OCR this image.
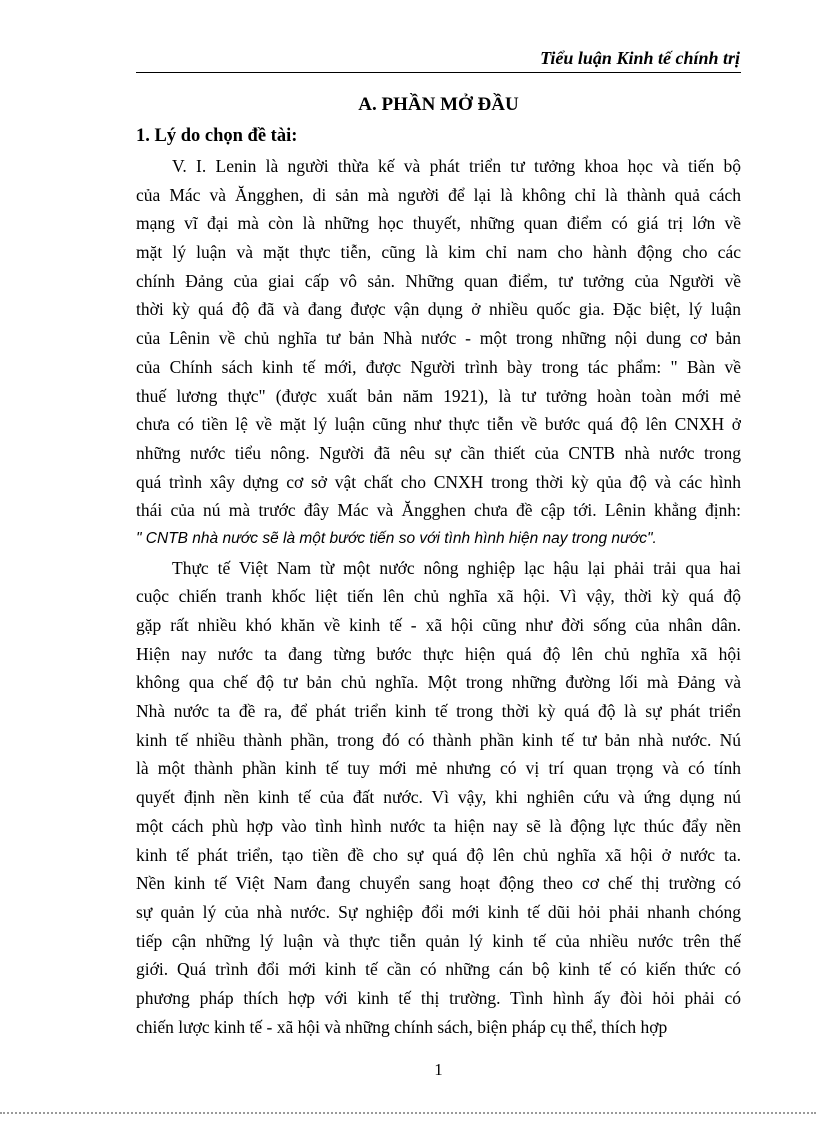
Tiểu luận Kinh tế chính trị
A. PHẦN MỞ ĐẦU
1. Lý do chọn đề tài:
V. I. Lenin là người thừa kế và phát triển tư tưởng khoa học và tiến bộ
của Mác và Ăngghen, di sản mà người để lại là không chỉ là thành quả cách
mạng vĩ đại mà còn là những học thuyết, những quan điểm có giá trị lớn về
mặt lý luận và mặt thực tiễn, cũng là kim chỉ nam cho hành động cho các
chính Đảng của giai cấp vô sản. Những quan điểm, tư tưởng của Người về
thời kỳ quá độ đã và đang được vận dụng ở nhiều quốc gia. Đặc biệt, lý luận
của Lênin về chủ nghĩa tư bản Nhà nước - một trong những nội dung cơ bản
của Chính sách kinh tế mới, được Người trình bày trong tác phẩm: " Bàn về
thuế lương thực" (được xuất bản năm 1921), là tư tưởng hoàn toàn mới mẻ
chưa có tiền lệ về mặt lý luận cũng như thực tiễn về bước quá độ lên CNXH ở
những nước tiểu nông. Người đã nêu sự cần thiết của CNTB nhà nước trong
quá trình xây dựng cơ sở vật chất cho CNXH trong thời kỳ qủa độ và các hình
thái của nú mà trước đây Mác và Ăngghen chưa đề cập tới. Lênin khẳng định:
" CNTB nhà nước sẽ là một bước tiến so với tình hình hiện nay trong nước".
Thực tế Việt Nam từ một nước nông nghiệp lạc hậu lại phải trải qua hai
cuộc chiến tranh khốc liệt tiến lên chủ nghĩa xã hội. Vì vậy, thời kỳ quá độ
gặp rất nhiều khó khăn về kinh tế - xã hội cũng như đời sống của nhân dân.
Hiện nay nước ta đang từng bước thực hiện quá độ lên chủ nghĩa xã hội
không qua chế độ tư bản chủ nghĩa. Một trong những đường lối mà Đảng và
Nhà nước ta đề ra, để phát triển kinh tế trong thời kỳ quá độ là sự phát triển
kinh tế nhiều thành phần, trong đó có thành phần kinh tế tư bản nhà nước. Nú
là một thành phần kinh tế tuy mới mẻ nhưng có vị trí quan trọng và có tính
quyết định nền kinh tế của đất nước. Vì vậy, khi nghiên cứu và ứng dụng nú
một cách phù hợp vào tình hình nước ta hiện nay sẽ là động lực thúc đẩy nền
kinh tế phát triển, tạo tiền đề cho sự quá độ lên chủ nghĩa xã hội ở nước ta.
Nền kinh tế Việt Nam đang chuyển sang hoạt động theo cơ chế thị trường có
sự quản lý của nhà nước. Sự nghiệp đổi mới kinh tế dũi hỏi phải nhanh chóng
tiếp cận những lý luận và thực tiễn quản lý kinh tế của nhiều nước trên thế
giới. Quá trình đổi mới kinh tế cần có những cán bộ kinh tế có kiến thức có
phương pháp thích hợp với kinh tế thị trường. Tình hình ấy đòi hỏi phải có
chiến lược kinh tế - xã hội và những chính sách, biện pháp cụ thể, thích hợp
1
